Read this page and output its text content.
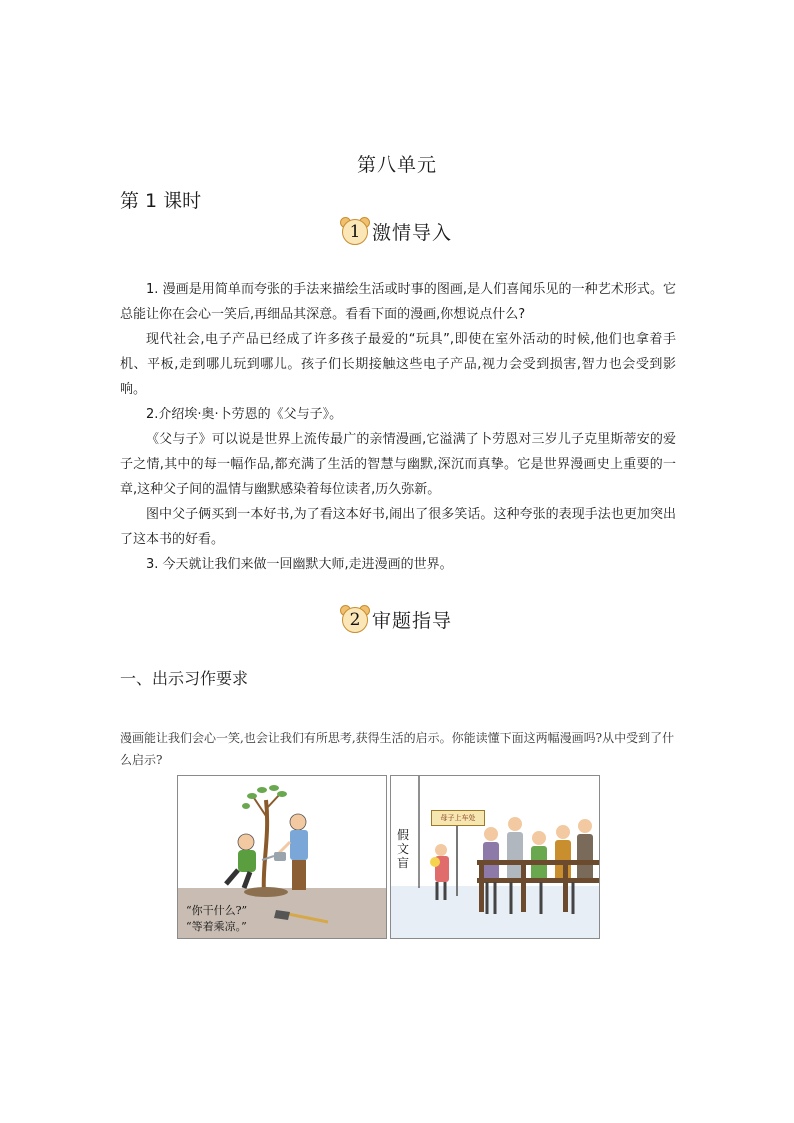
第八单元
第 1 课时
1 激情导入

1. 漫画是用简单而夸张的手法来描绘生活或时事的图画,是人们喜闻乐见的一种艺术形式。它总能让你在会心一笑后,再细品其深意。看看下面的漫画,你想说点什么?

现代社会,电子产品已经成了许多孩子最爱的“玩具”,即使在室外活动的时候,他们也拿着手机、平板,走到哪儿玩到哪儿。孩子们长期接触这些电子产品,视力会受到损害,智力也会受到影响。

2.介绍埃·奥·卜劳恩的《父与子》。

《父与子》可以说是世界上流传最广的亲情漫画,它溢满了卜劳恩对三岁儿子克里斯蒂安的爱子之情,其中的每一幅作品,都充满了生活的智慧与幽默,深沉而真挚。它是世界漫画史上重要的一章,这种父子间的温情与幽默感染着每位读者,历久弥新。

图中父子俩买到一本好书,为了看这本好书,闹出了很多笑话。这种夸张的表现手法也更加突出了这本书的好看。

3. 今天就让我们来做一回幽默大师,走进漫画的世界。

2 审题指导
一、出示习作要求
漫画能让我们会心一笑,也会让我们有所思考,获得生活的启示。你能读懂下面这两幅漫画吗?从中受到了什么启示?
“你干什么?”
“等着乘凉。”
母子上车处
假文盲
